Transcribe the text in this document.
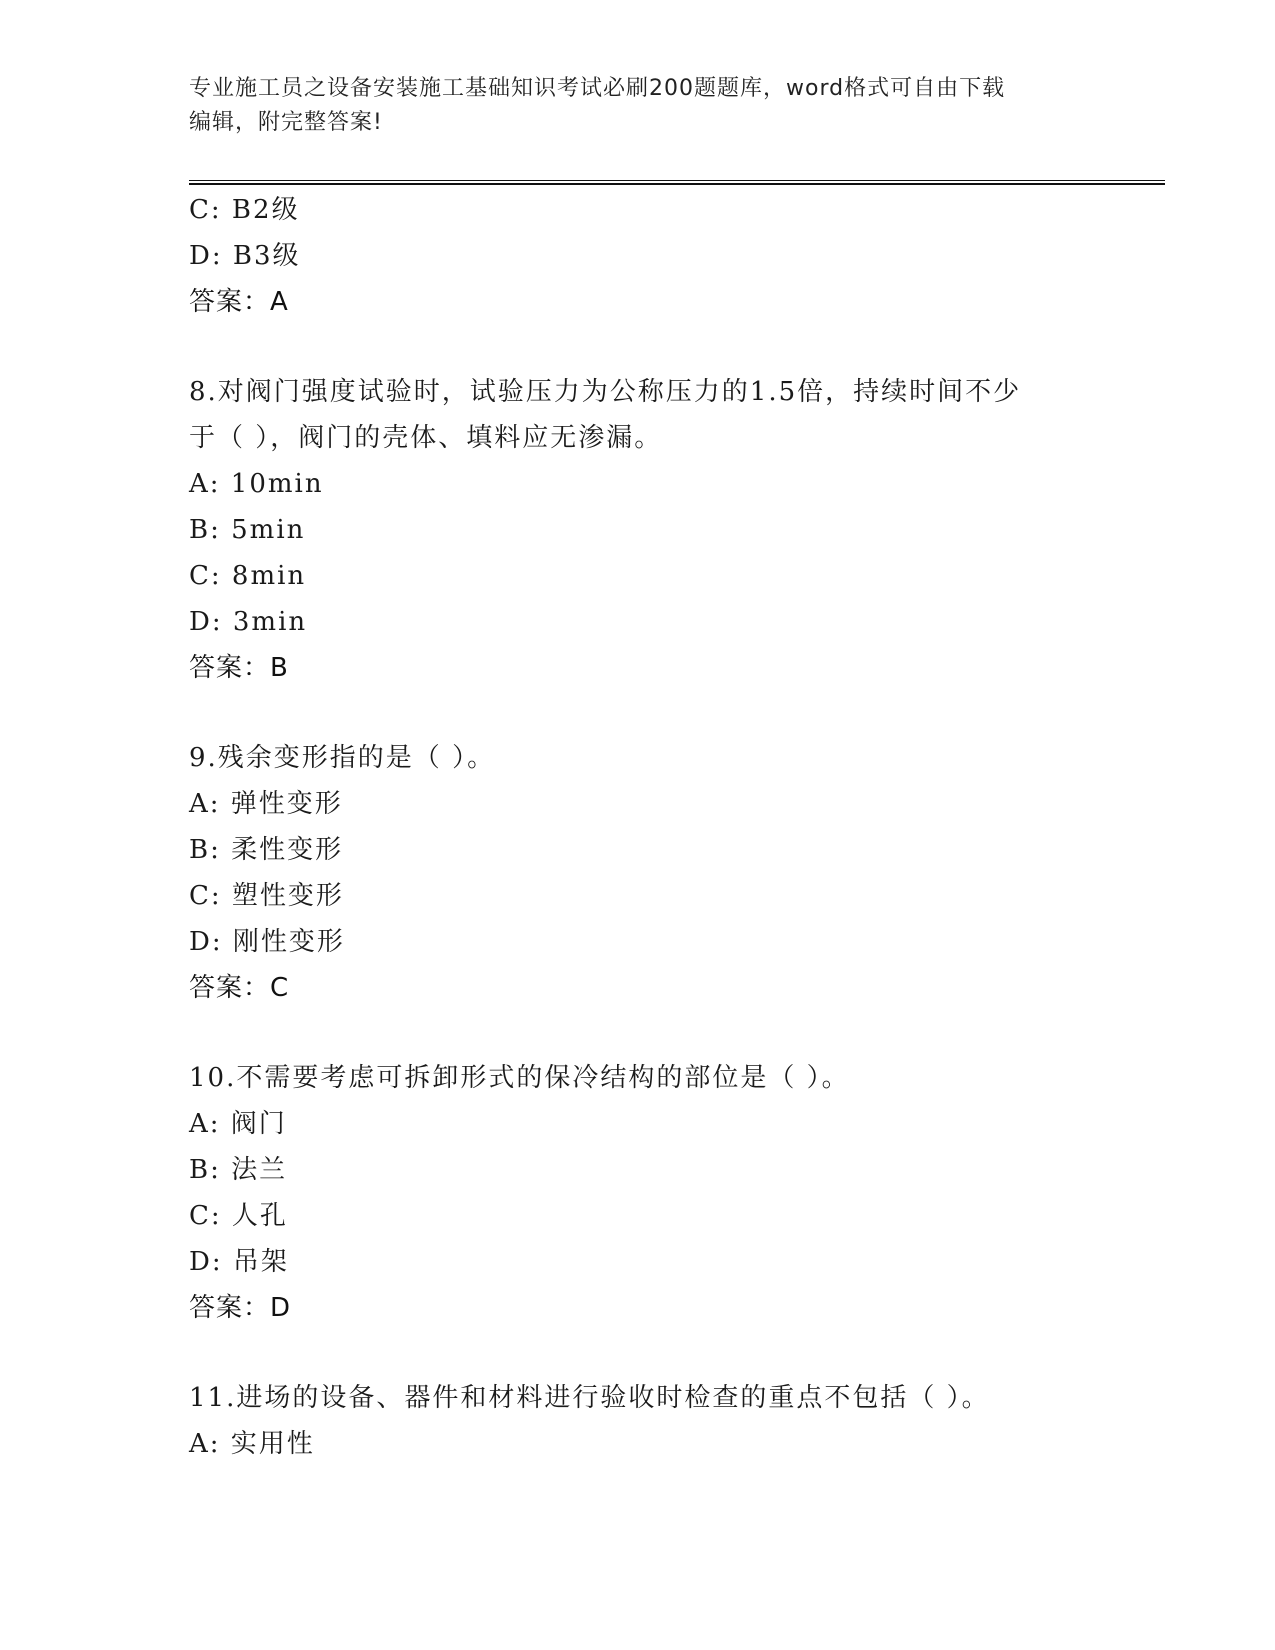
专业施工员之设备安装施工基础知识考试必刷200题题库，word格式可自由下载
编辑，附完整答案!
C: B2级
D: B3级
答案：A
8.对阀门强度试验时，试验压力为公称压力的1.5倍，持续时间不少
于（ ），阀门的壳体、填料应无渗漏。
A: 10min
B: 5min
C: 8min
D: 3min
答案：B
9.残余变形指的是（ ）。
A: 弹性变形
B: 柔性变形
C: 塑性变形
D: 刚性变形
答案：C
10.不需要考虑可拆卸形式的保冷结构的部位是（ ）。
A: 阀门
B: 法兰
C: 人孔
D: 吊架
答案：D
11.进场的设备、器件和材料进行验收时检查的重点不包括（ ）。
A: 实用性
